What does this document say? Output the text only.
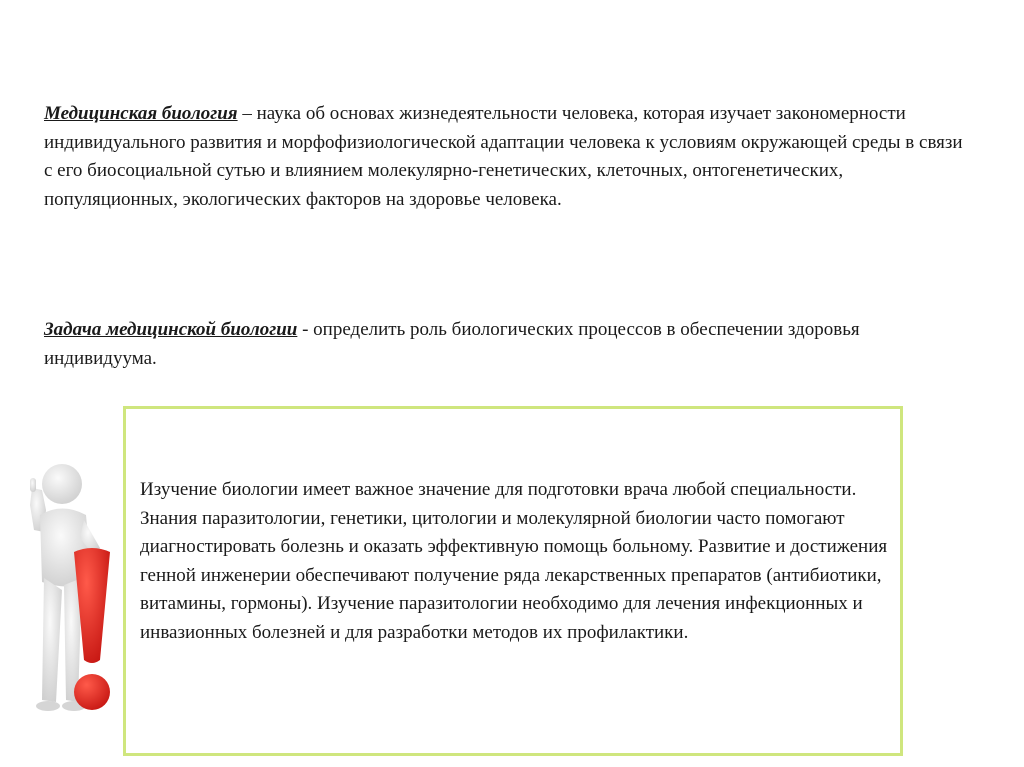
Медицинская биология – наука об основах жизнедеятельности человека, которая изучает закономерности индивидуального развития и морфофизиологической адаптации человека к условиям окружающей среды в связи с его биосоциальной сутью и влиянием молекулярно-генетических, клеточных, онтогенетических, популяционных, экологических факторов на здоровье человека.

Задача медицинской биологии - определить роль биологических процессов в обеспечении здоровья индивидуума.

Изучение биологии имеет важное значение для подготовки врача любой специальности. Знания паразитологии, генетики, цитологии и молекулярной биологии часто помогают диагностировать болезнь и оказать эффективную помощь больному. Развитие и достижения генной инженерии обеспечивают получение ряда лекарственных препаратов (антибиотики, витамины, гормоны). Изучение паразитологии необходимо для лечения инфекционных и инвазионных болезней и для разработки методов их профилактики.
